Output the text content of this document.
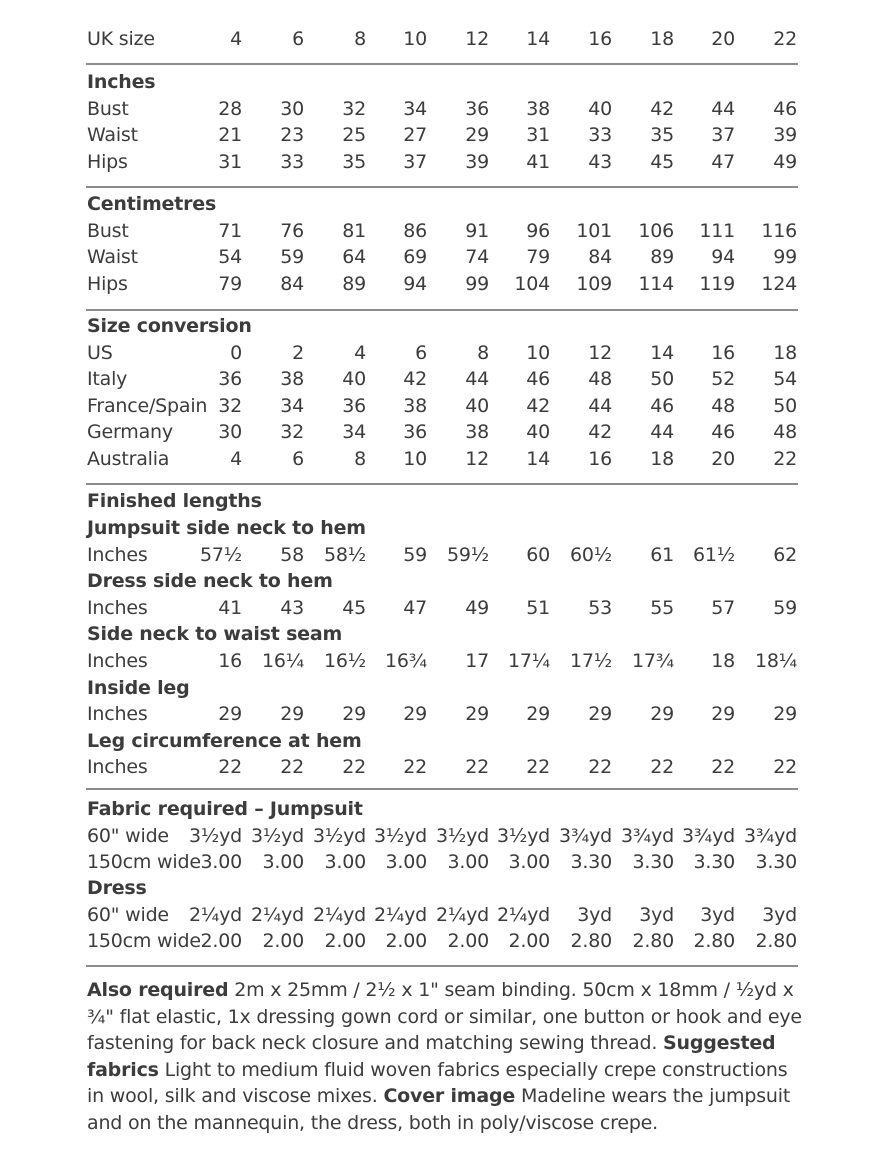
UK size	4	6	8	10	12	14	16	18	20	22
Inches
Bust	28	30	32	34	36	38	40	42	44	46
Waist	21	23	25	27	29	31	33	35	37	39
Hips	31	33	35	37	39	41	43	45	47	49
Centimetres
Bust	71	76	81	86	91	96	101	106	111	116
Waist	54	59	64	69	74	79	84	89	94	99
Hips	79	84	89	94	99	104	109	114	119	124
Size conversion
US	0	2	4	6	8	10	12	14	16	18
Italy	36	38	40	42	44	46	48	50	52	54
France/Spain 32	34	36	38	40	42	44	46	48	50
Germany	30	32	34	36	38	40	42	44	46	48
Australia	4	6	8	10	12	14	16	18	20	22
Finished lengths
Jumpsuit side neck to hem
Inches	57½	58	58½	59	59½	60	60½	61	61½	62
Dress side neck to hem
Inches	41	43	45	47	49	51	53	55	57	59
Side neck to waist seam
Inches	16	16¼	16½	16¾	17	17¼	17½	17¾	18	18¼
Inside leg
Inches	29	29	29	29	29	29	29	29	29	29
Leg circumference at hem
Inches	22	22	22	22	22	22	22	22	22	22
Fabric required – Jumpsuit
60" wide	3½yd 3½yd 3½yd 3½yd 3½yd 3½yd 3¾yd 3¾yd 3¾yd 3¾yd
150cm wide 3.00	3.00	3.00	3.00	3.00	3.00	3.30	3.30	3.30	3.30
Dress
60" wide	2¼yd 2¼yd 2¼yd 2¼yd 2¼yd 2¼yd	3yd	3yd	3yd	3yd
150cm wide 2.00	2.00	2.00	2.00	2.00	2.00	2.80	2.80	2.80	2.80
Also required 2m x 25mm / 2½ x 1" seam binding. 50cm x 18mm / ½yd x ¾" flat elastic, 1x dressing gown cord or similar, one button or hook and eye fastening for back neck closure and matching sewing thread. Suggested fabrics Light to medium fluid woven fabrics especially crepe constructions in wool, silk and viscose mixes. Cover image Madeline wears the jumpsuit and on the mannequin, the dress, both in poly/viscose crepe.
